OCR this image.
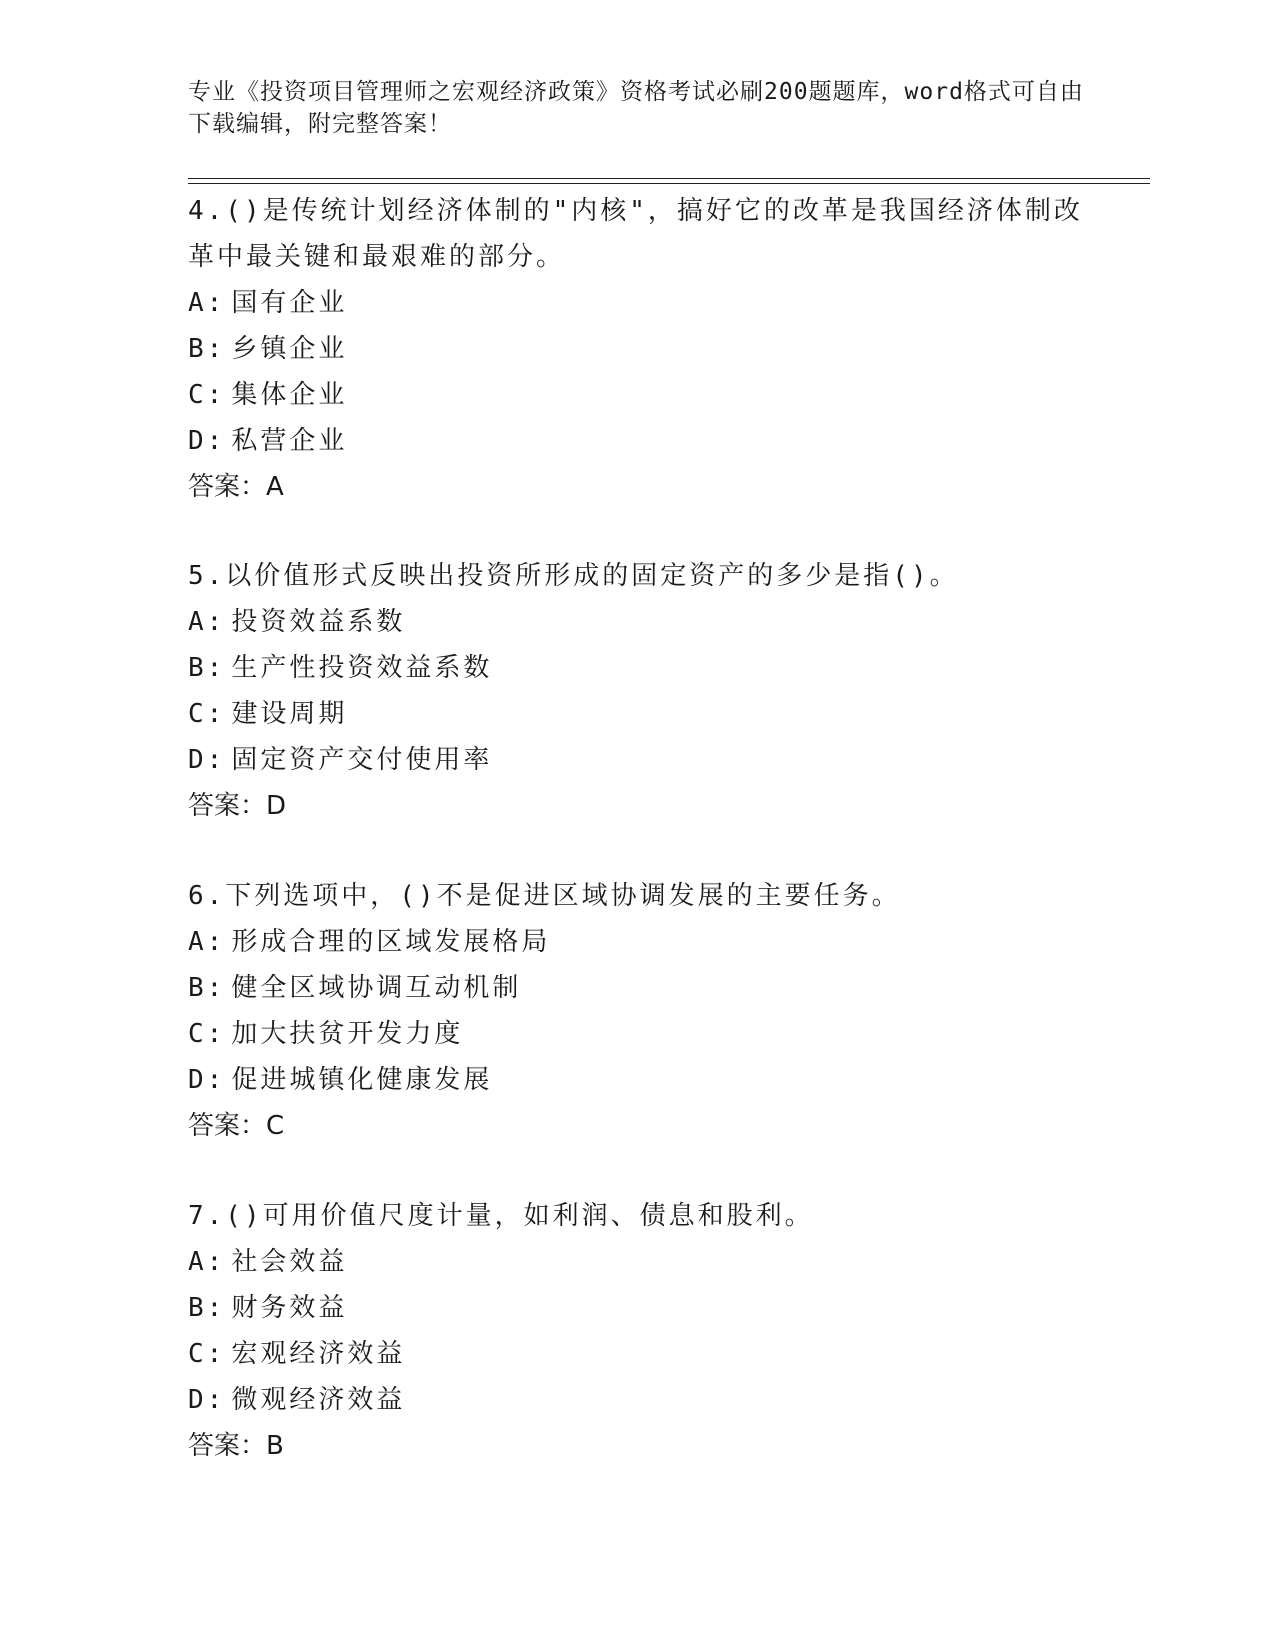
专业《投资项目管理师之宏观经济政策》资格考试必刷200题题库，word格式可自由下载编辑，附完整答案！

4.()是传统计划经济体制的"内核"，搞好它的改革是我国经济体制改革中最关键和最艰难的部分。

A: 国有企业

B: 乡镇企业

C: 集体企业

D: 私营企业

答案：A

5.以价值形式反映出投资所形成的固定资产的多少是指()。

A: 投资效益系数

B: 生产性投资效益系数

C: 建设周期

D: 固定资产交付使用率

答案：D

6.下列选项中，()不是促进区域协调发展的主要任务。

A: 形成合理的区域发展格局

B: 健全区域协调互动机制

C: 加大扶贫开发力度

D: 促进城镇化健康发展

答案：C

7.()可用价值尺度计量，如利润、债息和股利。

A: 社会效益

B: 财务效益

C: 宏观经济效益

D: 微观经济效益

答案：B
